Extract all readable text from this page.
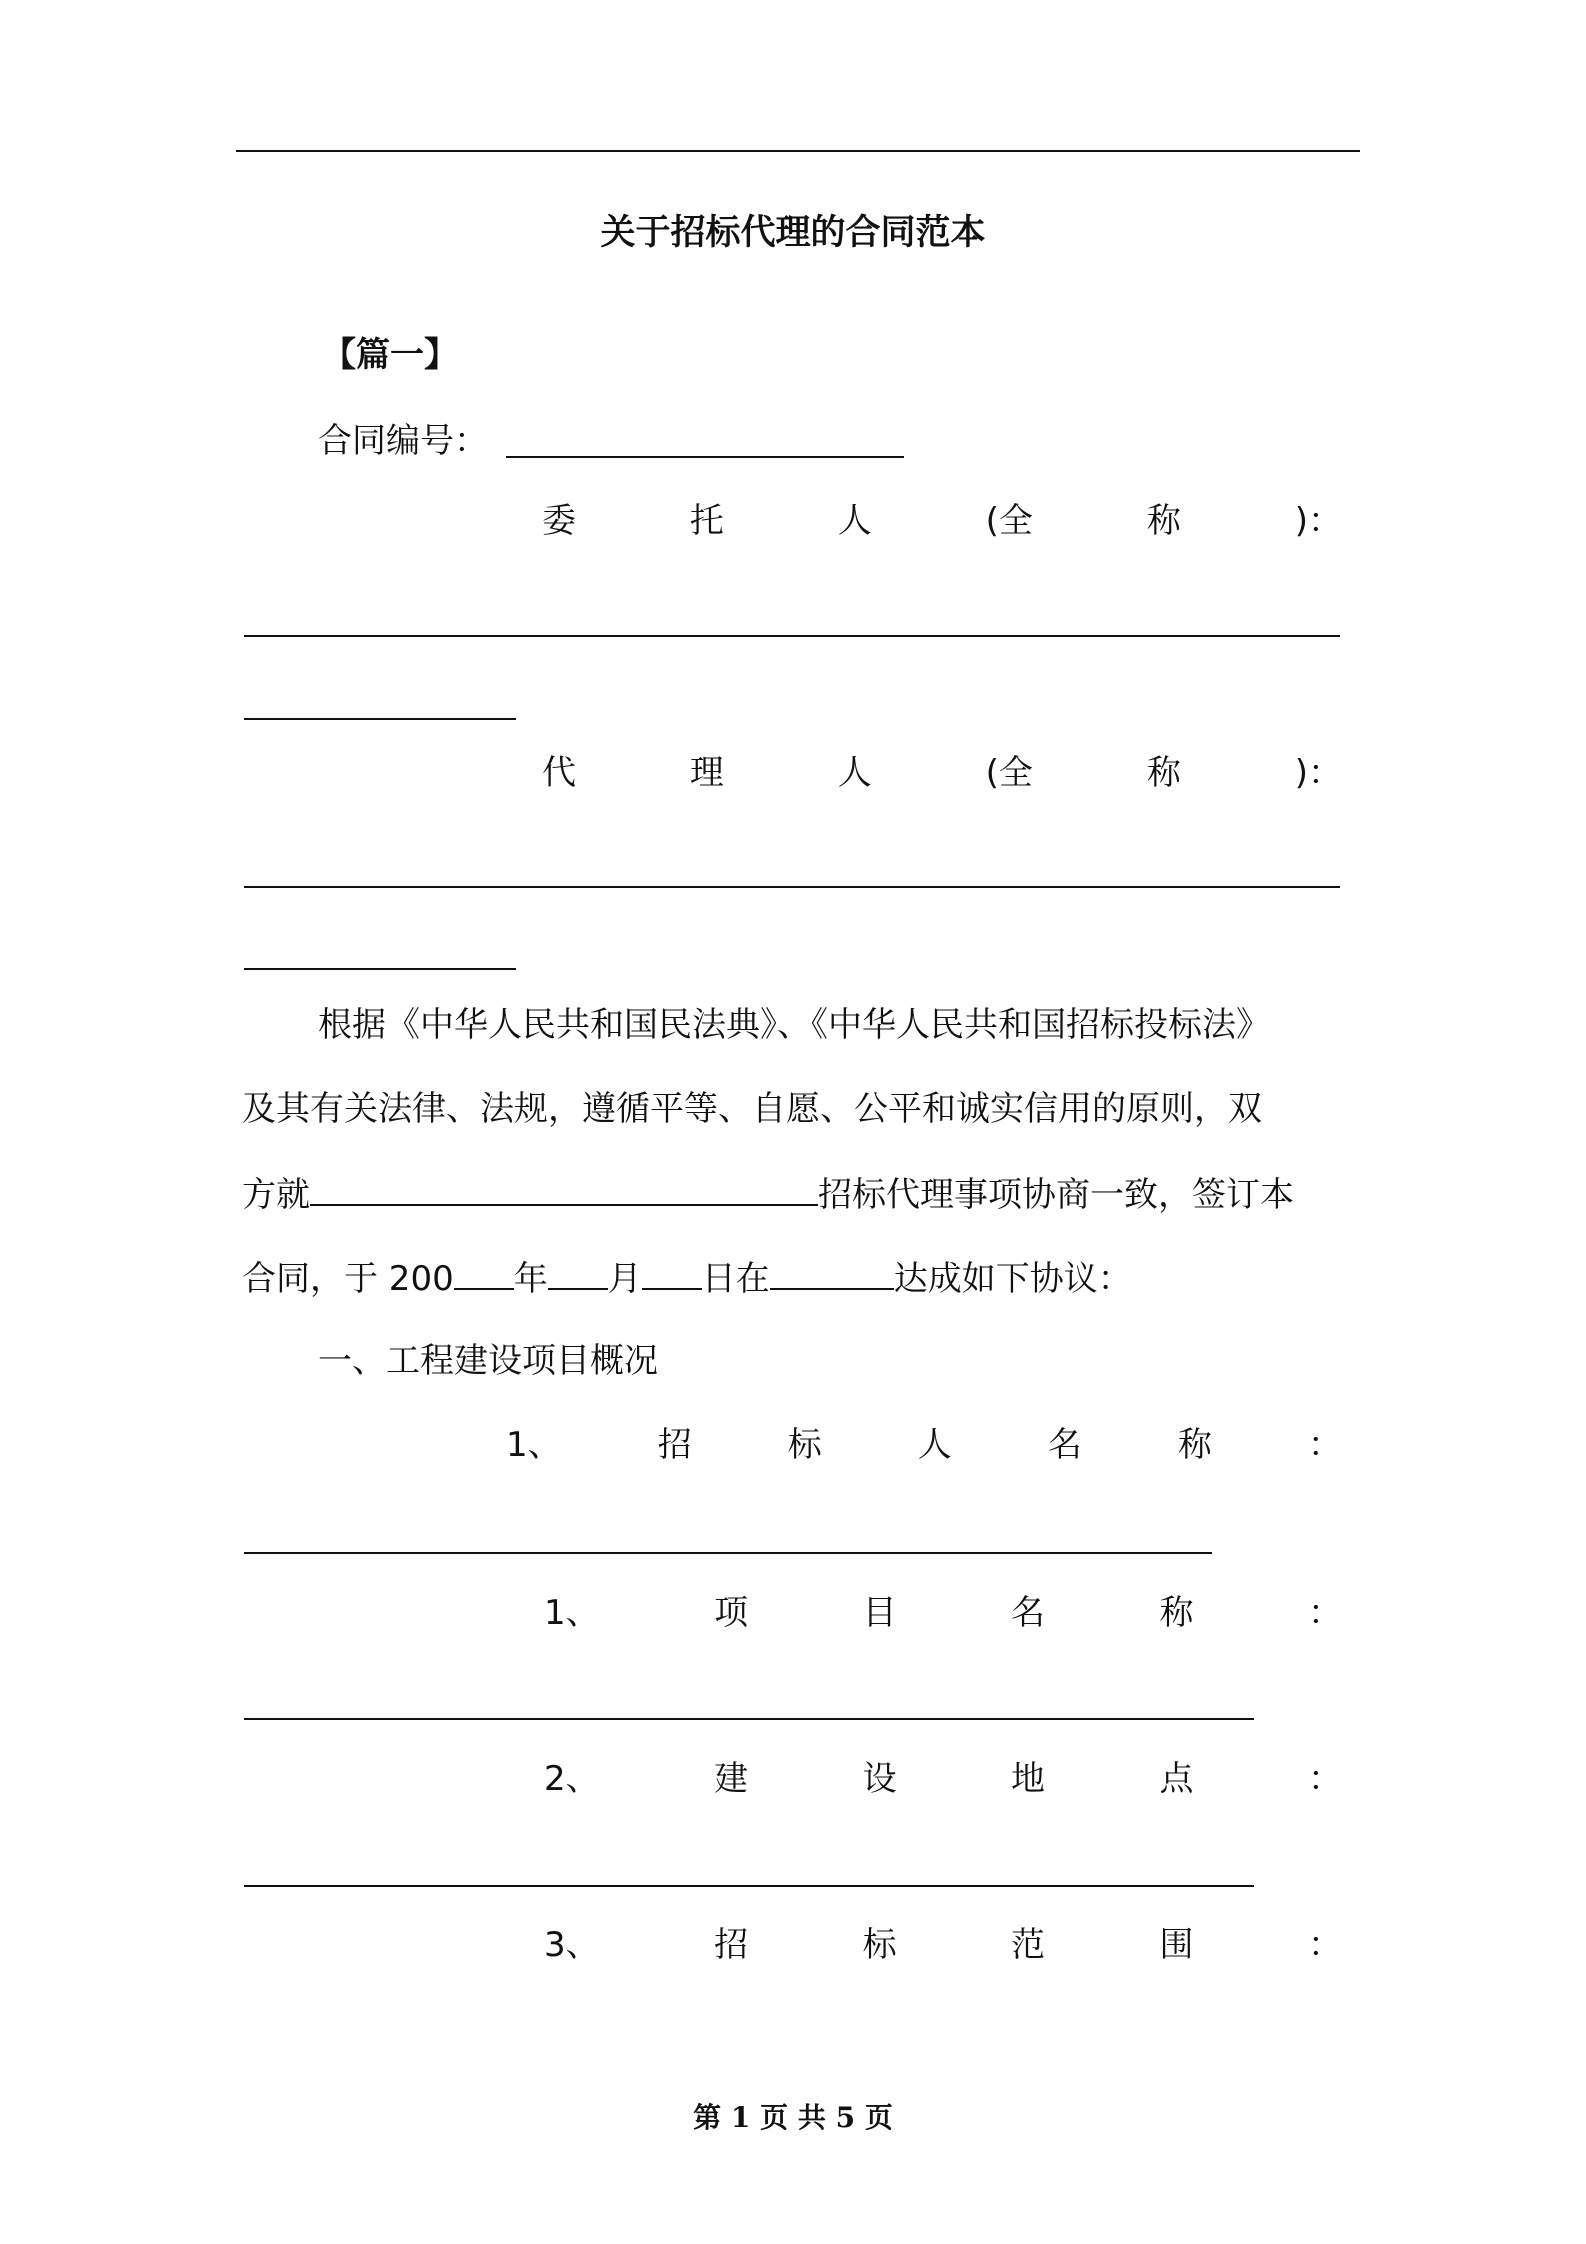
关于招标代理的合同范本
【篇一】
合同编号：
委	托	人	(全	称	)：
代	理	人	(全	称	)：
根据《中华人民共和国民法典》、《中华人民共和国招标投标法》
及其有关法律、法规，遵循平等、自愿、公平和诚实信用的原则，双
方就	招标代理事项协商一致，签订本
合同，于 200 年 月 日在	达成如下协议：
一、工程建设项目概况
1、	招	标	人	名	称	：
1、	项	目	名	称	：
2、	建	设	地	点	：
3、	招	标	范	围	：
第 1 页 共 5 页
